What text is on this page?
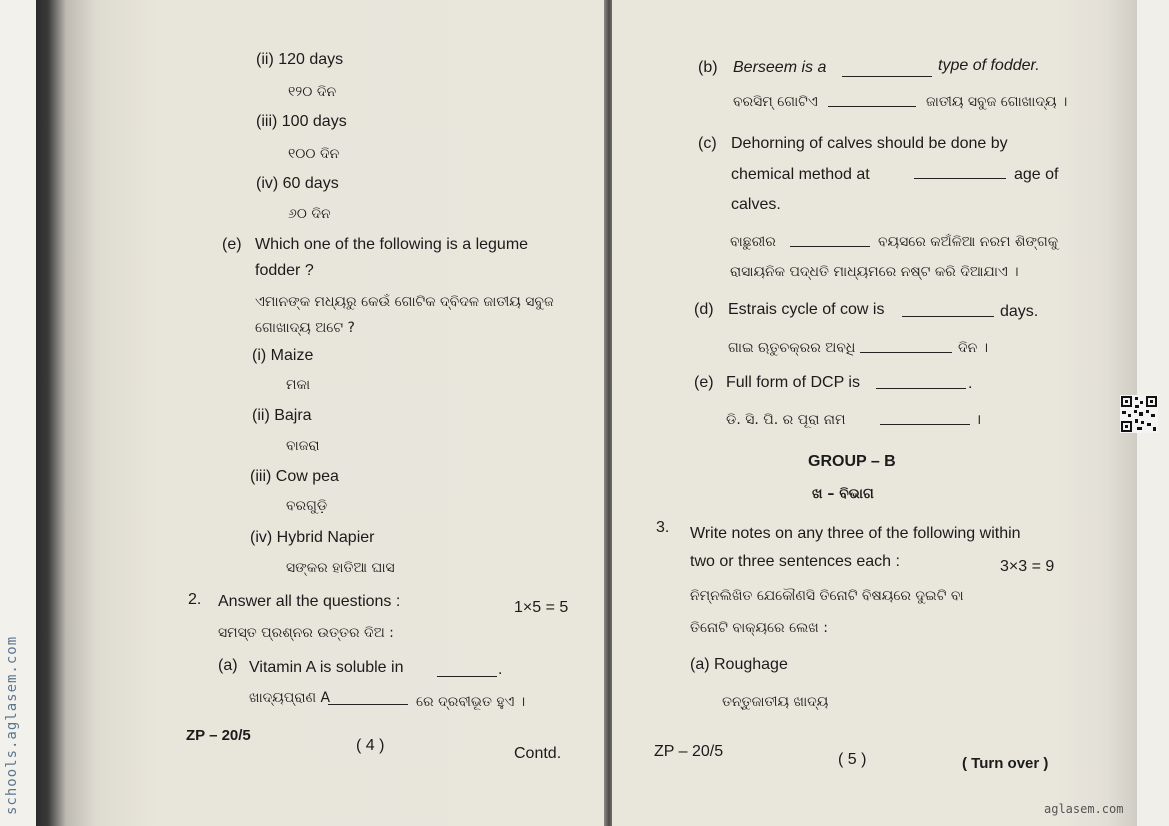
schools.aglasem.com
(ii) 120 days
୧୨୦ ଦିନ
(iii) 100 days
୧୦୦ ଦିନ
(iv) 60 days
୬୦ ଦିନ
(e) Which one of the following is a legume
fodder ?
ଏମାନଙ୍କ ମଧ୍ୟରୁ କେଉଁ ଗୋଟିକ ଦ୍ବିଦଳ ଜାତୀୟ ସବୁଜ
ଗୋଖାଦ୍ୟ ଅଟେ ?
(i) Maize
ମକା
(ii) Bajra
ବାଜରା
(iii) Cow pea
ବରଗୁଡ଼ି
(iv) Hybrid Napier
ସଙ୍କର ହାତିଆ ଘାସ
2. Answer all the questions :	1×5 = 5
ସମସ୍ତ ପ୍ରଶ୍ନର ଉତ୍ତର ଦିଅ :
(a) Vitamin A is soluble in	.
ଖାଦ୍ୟପ୍ରାଣ A	ରେ ଦ୍ରବୀଭୂତ ହୁଏ ।
ZP – 20/5
( 4 )	Contd.
(b) Berseem is a	type of fodder.
ବରସିମ୍ ଗୋଟିଏ	ଜାତୀୟ ସବୁଜ ଗୋଖାଦ୍ୟ ।
(c) Dehorning of calves should be done by
chemical method at	age of
calves.
ବାଛୁରୀର	ବୟସରେ କଅଁଳିଆ ନରମ ଶିଙ୍ଗକୁ
ରାସାୟନିକ ପଦ୍ଧତି ମାଧ୍ୟମରେ ନଷ୍ଟ କରି ଦିଆଯାଏ ।
(d) Estrais cycle of cow is	days.
ଗାଇ ଋତୁଚକ୍ରର ଅବଧି	ଦିନ ।
(e) Full form of DCP is	.
ଡି. ସି. ପି. ର ପୂରା ନାମ	।
GROUP – B
ଖ – ବିଭାଗ
3. Write notes on any three of the following within
two or three sentences each :	3×3 = 9
ନିମ୍ନଲିଖିତ ଯେକୌଣସି ତିନୋଟି ବିଷୟରେ ଦୁଇଟି ବା
ତିନୋଟି ବାକ୍ୟରେ ଲେଖ :
(a) Roughage
ତନ୍ତୁଜାତୀୟ ଖାଦ୍ୟ
ZP – 20/5	( 5 )	( Turn over )
aglasem.com
